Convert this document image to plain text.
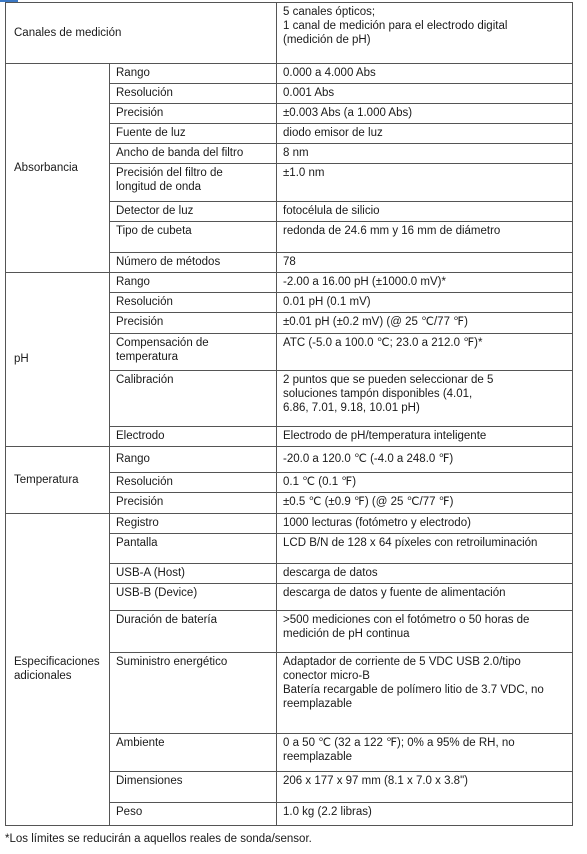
Canales de medición		5 canales ópticos;
1 canal de medición para el electrodo digital
(medición de pH)
Absorbancia	Rango	0.000 a 4.000 Abs
	Resolución	0.001 Abs
	Precisión	±0.003 Abs (a 1.000 Abs)
	Fuente de luz	diodo emisor de luz
	Ancho de banda del filtro	8 nm
	Precisión del filtro de
longitud de onda	±1.0 nm
	Detector de luz	fotocélula de silicio
	Tipo de cubeta	redonda de 24.6 mm y 16 mm de diámetro
	Número de métodos	78
pH	Rango	-2.00 a 16.00 pH (±1000.0 mV)*
	Resolución	0.01 pH (0.1 mV)
	Precisión	±0.01 pH (±0.2 mV) (@ 25 ℃/77 ℉)
	Compensación de
temperatura	ATC (-5.0 a 100.0 ℃; 23.0 a 212.0 ℉)*
	Calibración	2 puntos que se pueden seleccionar de 5
soluciones tampón disponibles (4.01,
6.86, 7.01, 9.18, 10.01 pH)
	Electrodo	Electrodo de pH/temperatura inteligente
Temperatura	Rango	-20.0 a 120.0 ℃ (-4.0 a 248.0 ℉)
	Resolución	0.1 ℃ (0.1 ℉)
	Precisión	±0.5 ℃ (±0.9 ℉) (@ 25 ℃/77 ℉)
Especificaciones
adicionales	Registro	1000 lecturas (fotómetro y electrodo)
	Pantalla	LCD B/N de 128 x 64 píxeles con retroiluminación
	USB-A (Host)	descarga de datos
	USB-B (Device)	descarga de datos y fuente de alimentación
	Duración de batería	>500 mediciones con el fotómetro o 50 horas de
medición de pH continua
	Suministro energético	Adaptador de corriente de 5 VDC USB 2.0/tipo
conector micro-B
Batería recargable de polímero litio de 3.7 VDC, no
reemplazable
	Ambiente	0 a 50 ℃ (32 a 122 ℉); 0% a 95% de RH, no
reemplazable
	Dimensiones	206 x 177 x 97 mm (8.1 x 7.0 x 3.8")
	Peso	1.0 kg (2.2 libras)
*Los límites se reducirán a aquellos reales de sonda/sensor.
